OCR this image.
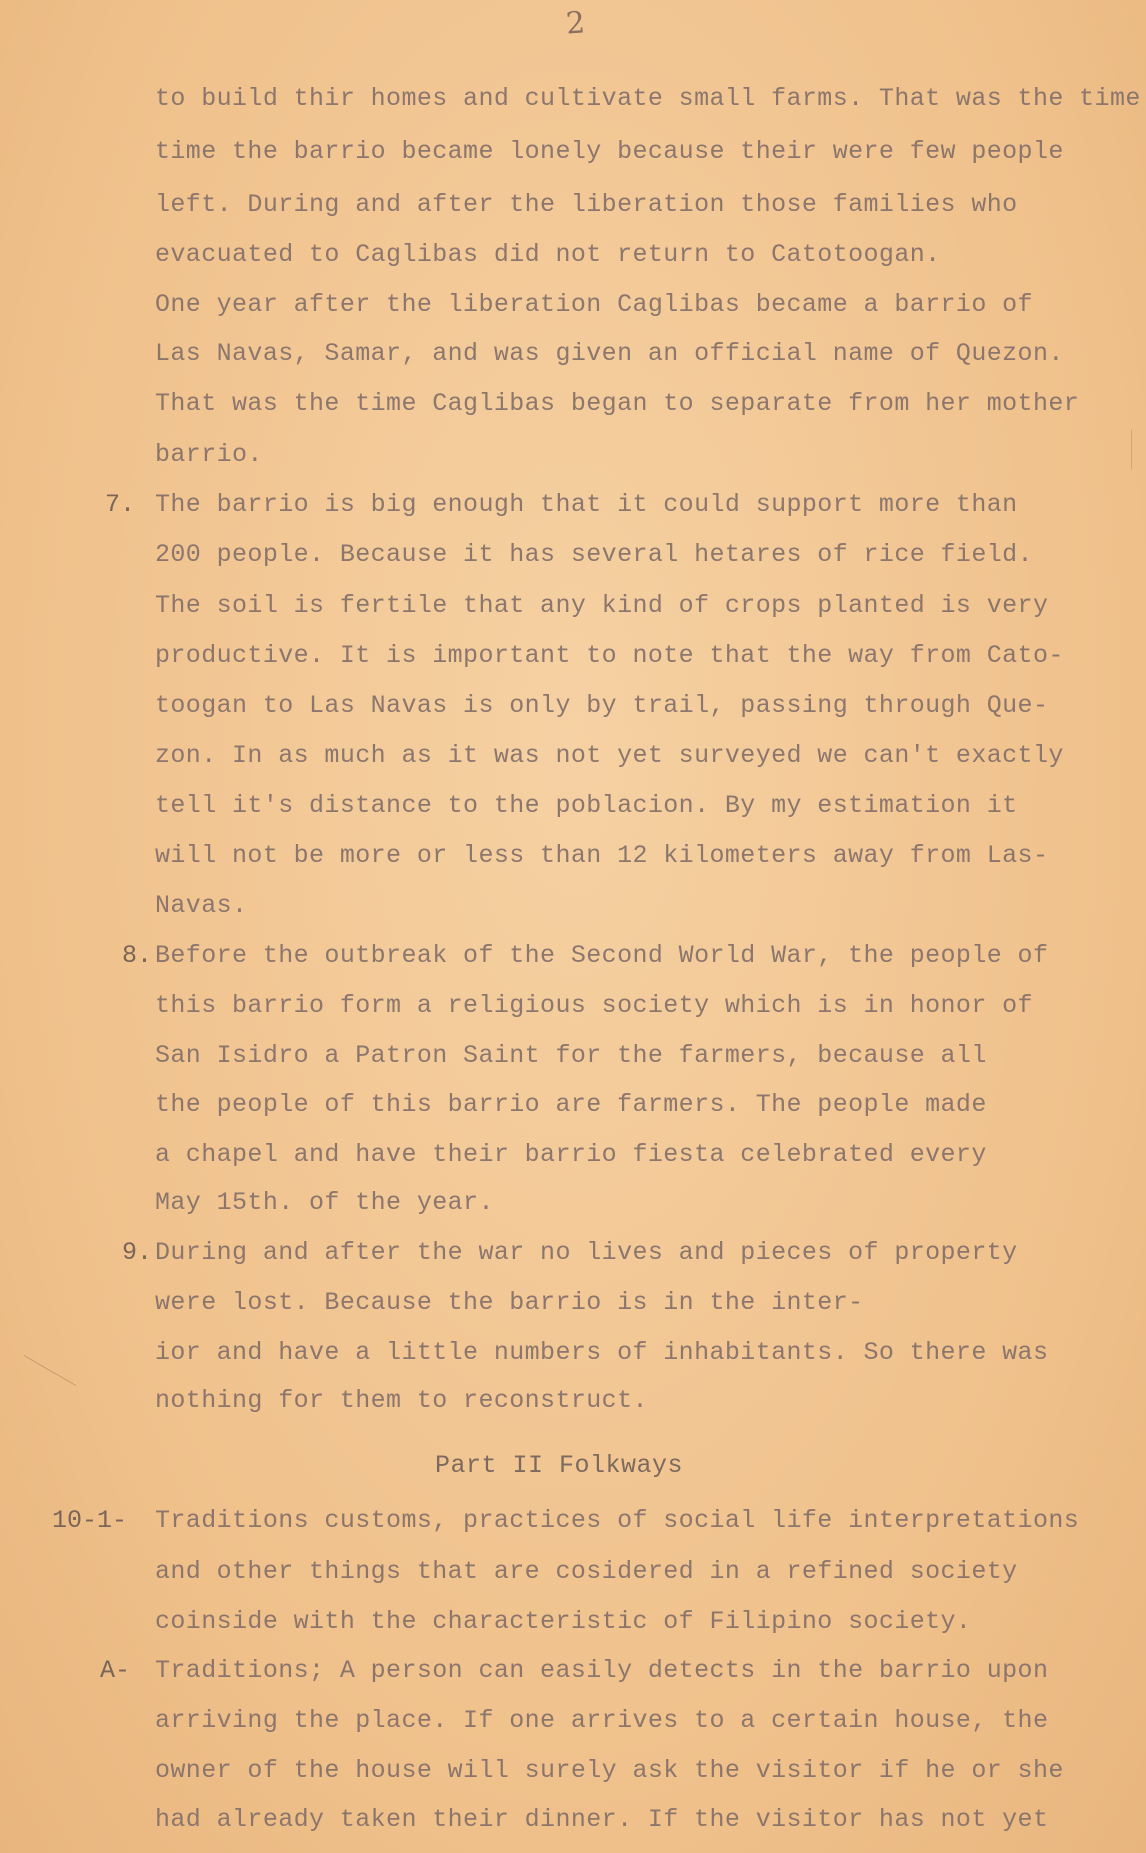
2
to build thir homes and cultivate small farms. That was the time
time the barrio became lonely because their were few people
left. During and after the liberation those families who
evacuated to Caglibas did not return to Catotoogan.
One year after the liberation Caglibas became a barrio of
Las Navas, Samar, and was given an official name of Quezon.
That was the time Caglibas began to separate from her mother
barrio.
7. The barrio is big enough that it could support more than
200 people. Because it has several hetares of rice field.
The soil is fertile that any kind of crops planted is very
productive. It is important to note that the way from Cato-
toogan to Las Navas is only by trail, passing through Que-
zon. In as much as it was not yet surveyed we can't exactly
tell it's distance to the poblacion. By my estimation it
will not be more or less than 12 kilometers away from Las-
Navas.
8. Before the outbreak of the Second World War, the people of
this barrio form a religious society which is in honor of
San Isidro a Patron Saint for the farmers, because all
the people of this barrio are farmers. The people made
a chapel and have their barrio fiesta celebrated every
May 15th. of the year.
9. During and after the war no lives and pieces of property
were lost. Because the barrio is in the inter-
ior and have a little numbers of inhabitants. So there was
nothing for them to reconstruct.
Part II Folkways
10-1- Traditions customs, practices of social life interpretations
and other things that are cosidered in a refined society
coinside with the characteristic of Filipino society.
A- Traditions; A person can easily detects in the barrio upon
arriving the place. If one arrives to a certain house, the
owner of the house will surely ask the visitor if he or she
had already taken their dinner. If the visitor has not yet
